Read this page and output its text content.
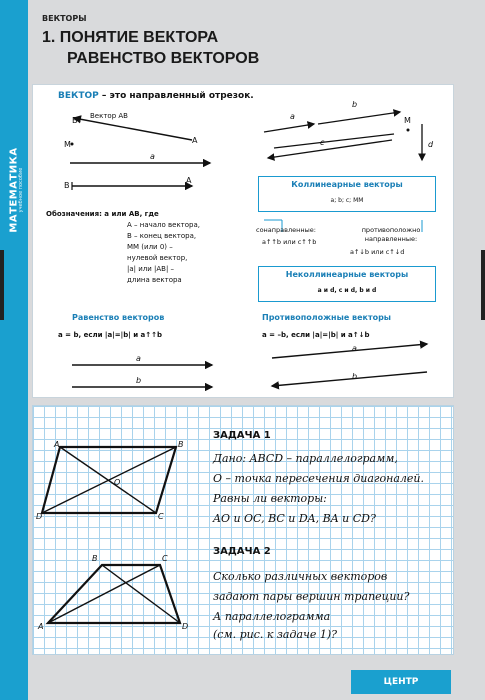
МАТЕМАТИКА
учебное пособие
ВЕКТОРЫ
1. ПОНЯТИЕ ВЕКТОРА
РАВЕНСТВО ВЕКТОРОВ
ВЕКТОР – это направленный отрезок.
B Вектор AB
A
M
a
B
A
Обозначения: a или AB, где
A – начало вектора,
B – конец вектора,
MM (или 0) –
нулевой вектор,
|a| или |AB| –
длина вектора
a
b
c	d
M
Коллинеарные векторы
a; b; c; MM
сонаправленные:
a↑↑b или c↑↑b
противоположно направленные:
a↑↓b или c↑↓d
Неколлинеарные векторы
a и d, c и d, b и d
Равенство векторов
a = b, если |a|=|b| и a↑↑b
a
b
Противоположные векторы
a = –b, если |a|=|b| и a↑↓b
a
b
A	B
C
D
O
B	C
D
A
ЗАДАЧА 1
Дано: ABCD – параллелограмм,
O – точка пересечения диагоналей.
Равны ли векторы:
AO и OC, BC и DA, BA и CD?
ЗАДАЧА 2
Сколько различных векторов
задают пары вершин трапеции?
А параллелограмма
(см. рис. к задаче 1)?
ЦЕНТР
